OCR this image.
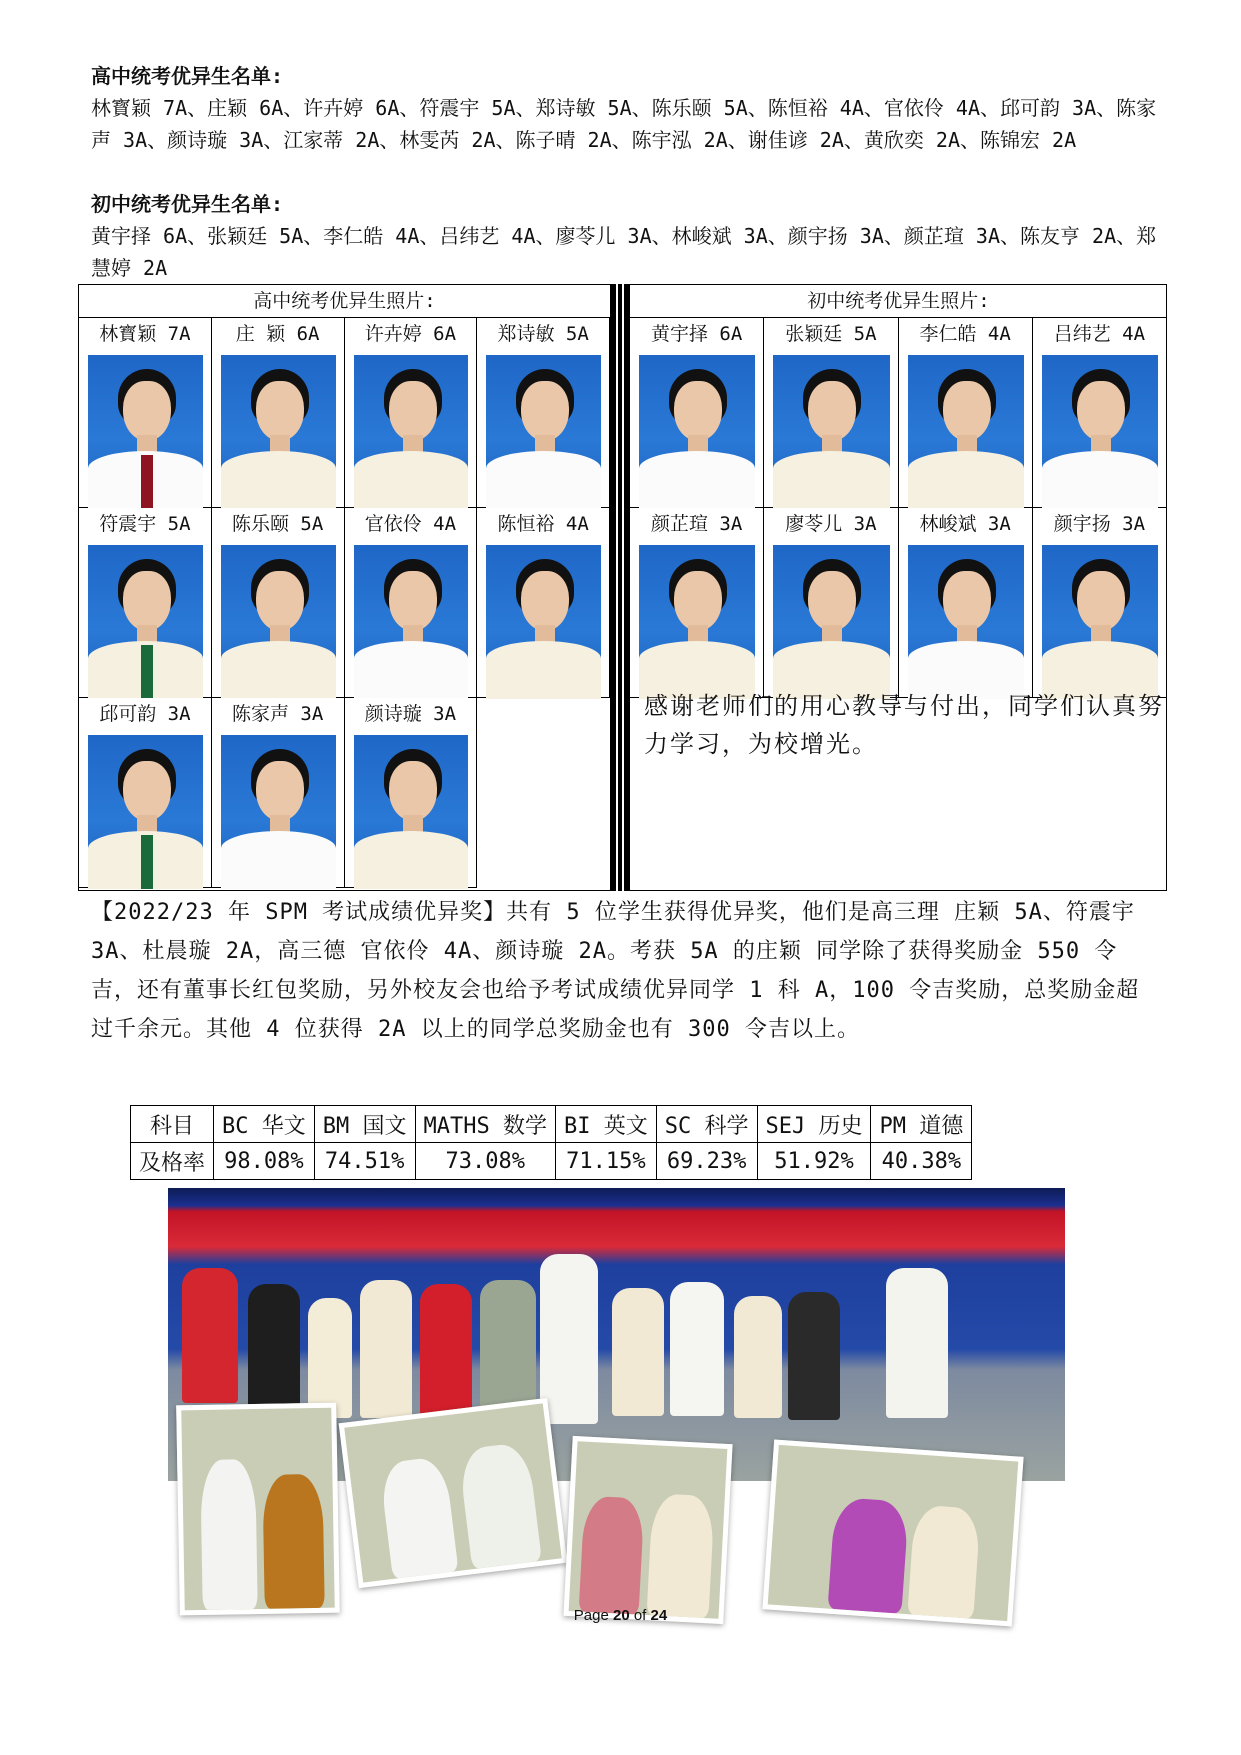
高中统考优异生名单:
林寳颖 7A、庄颖 6A、许卉婷 6A、符震宇 5A、郑诗敏 5A、陈乐颐 5A、陈恒裕 4A、官依伶 4A、邱可韵 3A、陈家声 3A、颜诗璇 3A、江家蒂 2A、林雯芮 2A、陈子晴 2A、陈宇泓 2A、谢佳谚 2A、黄欣奕 2A、陈锦宏 2A
初中统考优异生名单:
黄宇择 6A、张颖廷 5A、李仁皓 4A、吕纬艺 4A、廖苓儿 3A、林峻斌 3A、颜宇扬 3A、颜芷瑄 3A、陈友亨 2A、郑慧婷 2A
高中统考优异生照片:	初中统考优异生照片:
林寳颖 7A	庄 颖 6A	许卉婷 6A	郑诗敏 5A
符震宇 5A	陈乐颐 5A	官依伶 4A	陈恒裕 4A
邱可韵 3A	陈家声 3A	颜诗璇 3A
黄宇择 6A	张颖廷 5A	李仁皓 4A	吕纬艺 4A
颜芷瑄 3A	廖苓儿 3A	林峻斌 3A	颜宇扬 3A
感谢老师们的用心教导与付出，同学们认真努力学习，为校增光。
【2022/23 年 SPM 考试成绩优异奖】共有 5 位学生获得优异奖，他们是高三理 庄颖 5A、符震宇 3A、杜晨璇 2A，高三德 官依伶 4A、颜诗璇 2A。考获 5A 的庄颖 同学除了获得奖励金 550 令吉，还有董事长红包奖励，另外校友会也给予考试成绩优异同学 1 科 A，100 令吉奖励，总奖励金超过千余元。其他 4 位获得 2A 以上的同学总奖励金也有 300 令吉以上。
科目	BC 华文	BM 国文	MATHS 数学	BI 英文	SC 科学	SEJ 历史	PM 道德
及格率	98.08%	74.51%	73.08%	71.15%	69.23%	51.92%	40.38%
Page 20 of 24
